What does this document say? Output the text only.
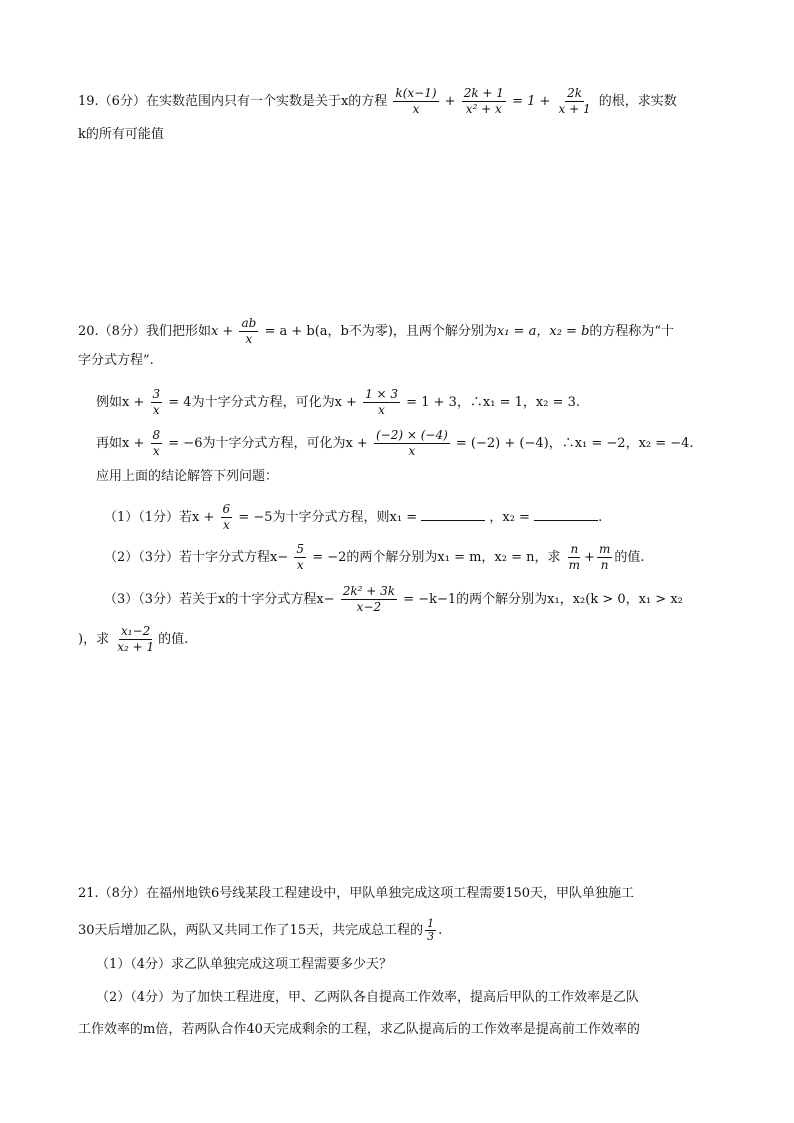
19.（6分）在实数范围内只有一个实数是关于x的方程 $\frac{k(x-1)}{x} + \frac{2k + 1}{\text{x² + x}} = 1 + \frac{2k}{x + 1}$ 的根，求实数
k的所有可能值
20.（8分）我们把形如$x + \frac{ab}{x} = a + b(a$，b不为零)，且两个解分别为x₁ = a，x₂ = b的方程称为“十
字分式方程”.
例如$x + \frac{3}{x} = 4$为十字分式方程，可化为$x + \frac{1 \times 3}{x} = 1 + 3$，∴x₁ = 1，x₂ = 3.
再如$x + \frac{8}{x} = -6$为十字分式方程，可化为$x + \frac{(-2) \times (-4)}{x} = (-2) + (-4)$，∴x₁ = −2，x₂ = −4.
应用上面的结论解答下列问题：
（1）（1分）若$x + \frac{6}{x} = -5$为十字分式方程，则x₁ =	，x₂ =	.
（2）（3分）若十字分式方程$x- \frac{5}{x} = -2$的两个解分别为x₁ = m，x₂ = n，求 $\frac{n}{m} + \frac{m}{n}$ 的值.
（3）（3分）若关于x的十字分式方程$x- \frac{\text{2k² + 3k}}{x-2} = -k-1$的两个解分别为x₁，x₂(k > 0，x₁ > x₂
)，求 $\frac{\text{x₁−2}}{\text{x₂ + 1}}$ 的值.
21.（8分）在福州地铁6号线某段工程建设中，甲队单独完成这项工程需要150天，甲队单独施工
30天后增加乙队，两队又共同工作了15天，共完成总工程的 $\frac{1}{3}$ .
（1）（4分）求乙队单独完成这项工程需要多少天？
（2）（4分）为了加快工程进度，甲、乙两队各自提高工作效率，提高后甲队的工作效率是乙队
工作效率的m倍，若两队合作40天完成剩余的工程，求乙队提高后的工作效率是提高前工作效率的
